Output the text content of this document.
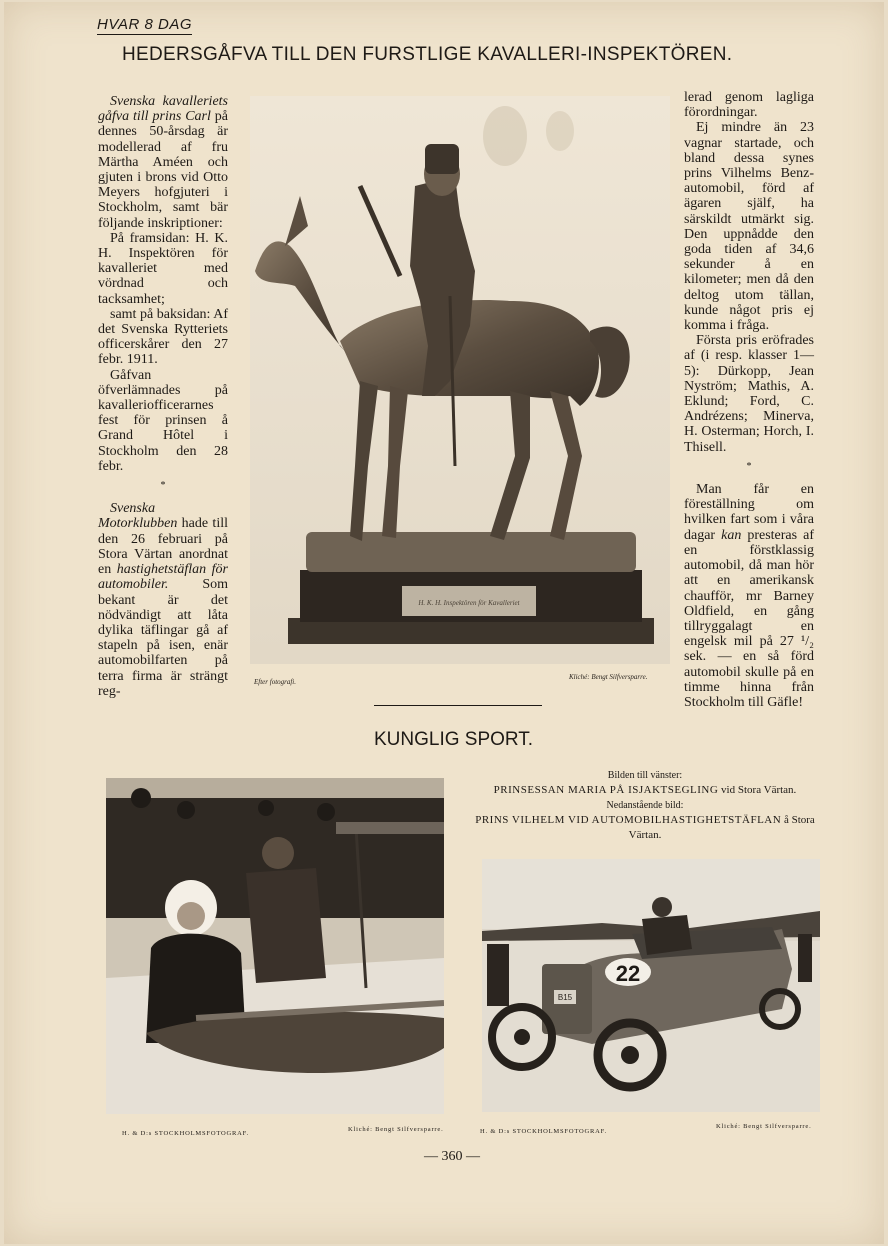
HVAR 8 DAG
HEDERSGÅFVA TILL DEN FURSTLIGE KAVALLERI-INSPEKTÖREN.

Svenska kavalleriets gåfva till prins Carl på dennes 50-årsdag är modellerad af fru Märtha Améen och gjuten i brons vid Otto Meyers hofgjuteri i Stockholm, samt bär följande inskriptioner:

På framsidan: H. K. H. Inspektören för kavalleriet med vördnad och tacksamhet;

samt på baksidan: Af det Svenska Rytteriets officerskårer den 27 febr. 1911.

Gåfvan öfverlämnades på kavalleriofficerarnes fest för prinsen å Grand Hôtel i Stockholm den 28 febr.

*

Svenska Motorklubben hade till den 26 februari på Stora Värtan anordnat en hastighetstäflan för automobiler. Som bekant är det nödvändigt att låta dylika täflingar gå af stapeln på isen, enär automobilfarten på terra firma är strängt reg-

H. K. H. Inspektören för Kavalleriet
Efter fotografi.
Kliché: Bengt Silfversparre.

lerad genom lagliga förordningar.

Ej mindre än 23 vagnar startade, och bland dessa synes prins Vilhelms Benz-automobil, förd af ägaren själf, ha särskildt utmärkt sig. Den uppnådde den goda tiden af 34,6 sekunder å en kilometer; men då den deltog utom tällan, kunde något pris ej komma i fråga.

Första pris eröfrades af (i resp. klasser 1—5): Dürkopp, Jean Nyström; Mathis, A. Eklund; Ford, C. Andrézens; Minerva, H. Osterman; Horch, I. Thisell.

*

Man får en föreställning om hvilken fart som i våra dagar kan presteras af en förstklassig automobil, då man hör att en amerikansk chaufför, mr Barney Oldfield, en gång tillryggalagt en engelsk mil på 27 ¹/₂ sek. — en så förd automobil skulle på en timme hinna från Stockholm till Gäfle!

KUNGLIG SPORT.
Bilden till vänster:
PRINSESSAN MARIA PÅ ISJAKTSEGLING vid Stora Värtan.
Nedanstående bild:
PRINS VILHELM VID AUTOMOBILHASTIGHETSTÄFLAN å Stora Värtan.
H. & D:s STOCKHOLMSFOTOGRAF.
Kliché: Bengt Silfversparre.
B15
22
H. & D:s STOCKHOLMSFOTOGRAF.
Kliché: Bengt Silfversparre.
— 360 —
